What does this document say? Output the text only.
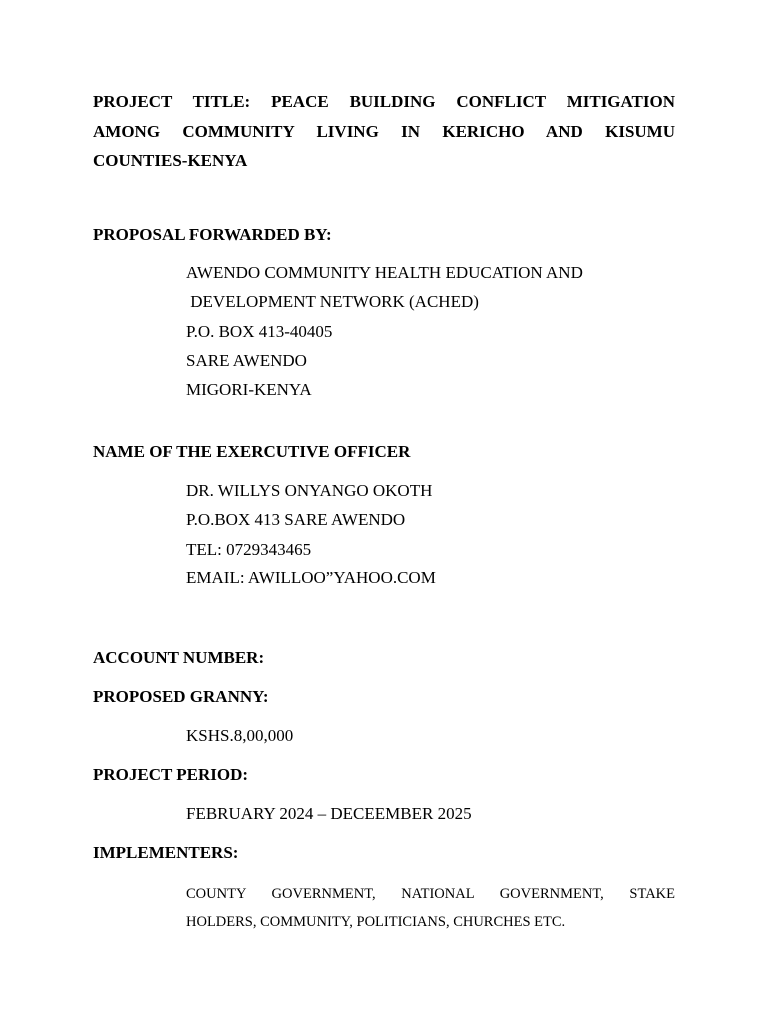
PROJECT TITLE: PEACE BUILDING CONFLICT MITIGATION
AMONG COMMUNITY LIVING IN KERICHO AND KISUMU
COUNTIES-KENYA
PROPOSAL FORWARDED BY:
AWENDO COMMUNITY HEALTH EDUCATION AND
DEVELOPMENT NETWORK (ACHED)
P.O. BOX 413-40405
SARE AWENDO
MIGORI-KENYA
NAME OF THE EXERCUTIVE OFFICER
DR. WILLYS ONYANGO OKOTH
P.O.BOX 413 SARE AWENDO
TEL: 0729343465
EMAIL: AWILLOO”YAHOO.COM
ACCOUNT NUMBER:
PROPOSED GRANNY:
KSHS.8,00,000
PROJECT PERIOD:
FEBRUARY 2024 – DECEEMBER 2025
IMPLEMENTERS:
COUNTY GOVERNMENT, NATIONAL GOVERNMENT, STAKE
HOLDERS, COMMUNITY, POLITICIANS, CHURCHES ETC.
